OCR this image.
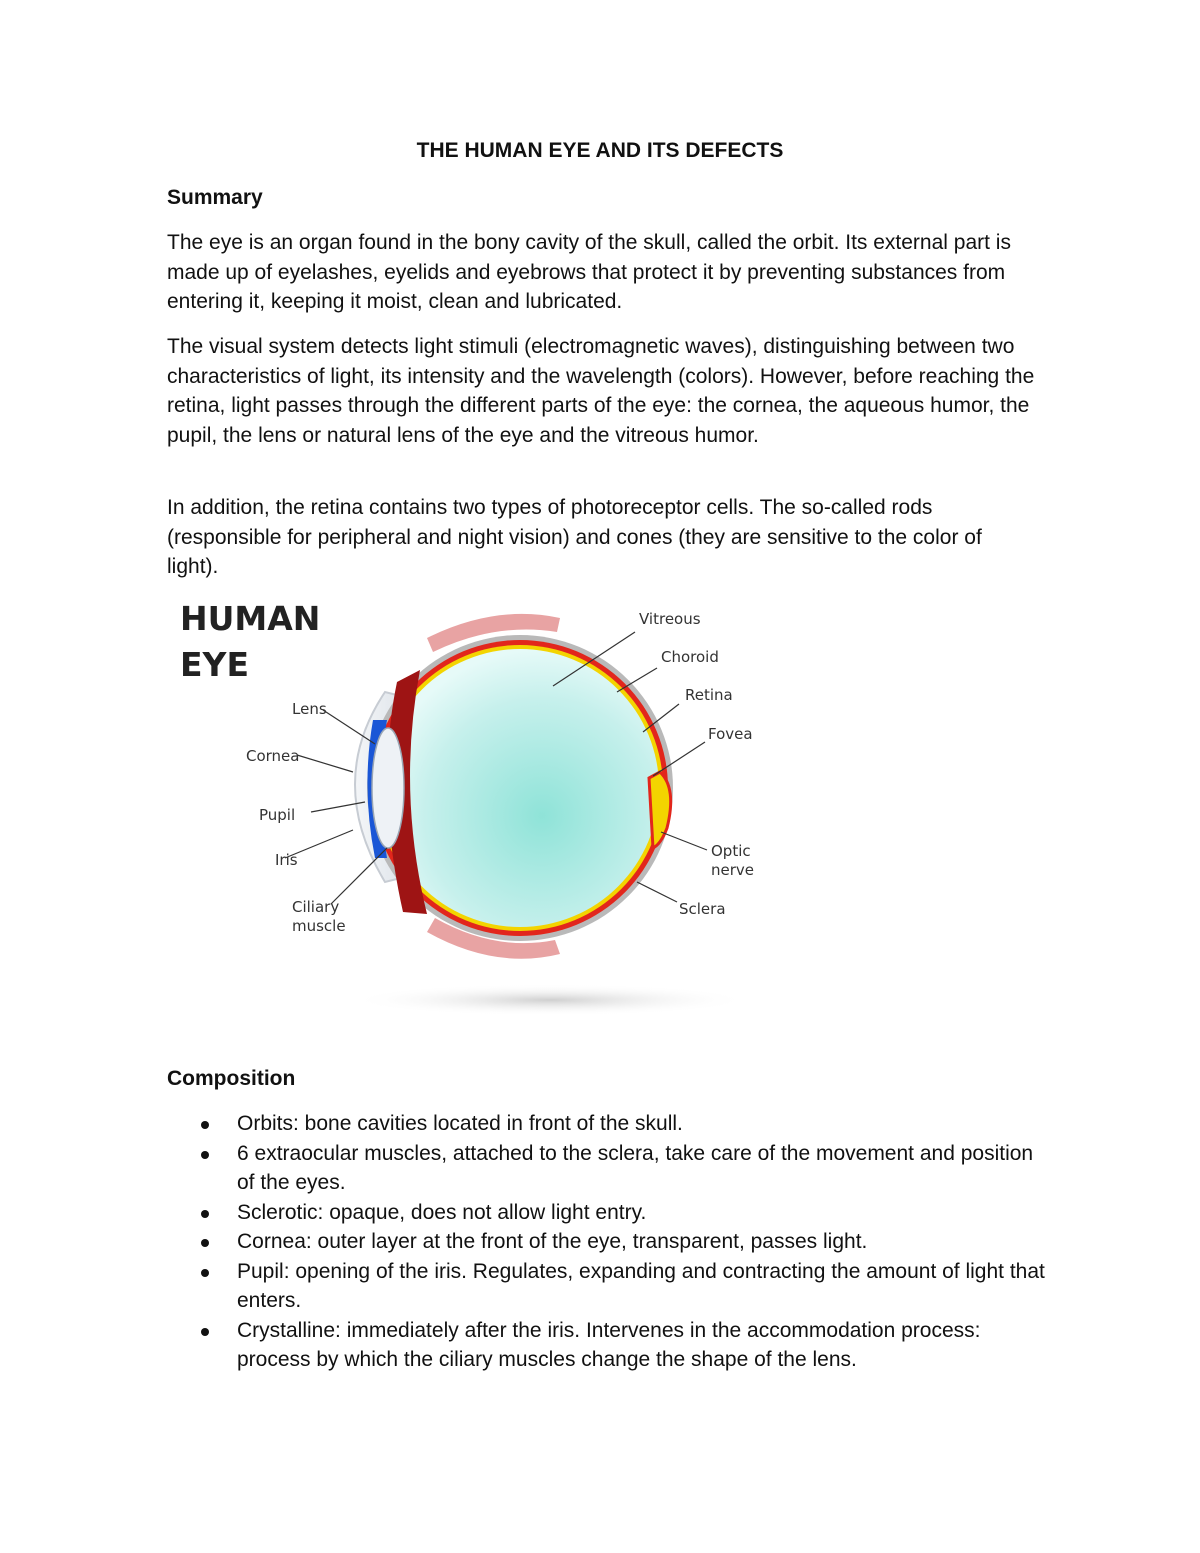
THE HUMAN EYE AND ITS DEFECTS
Summary

The eye is an organ found in the bony cavity of the skull, called the orbit. Its external part is made up of eyelashes, eyelids and eyebrows that protect it by preventing substances from entering it, keeping it moist, clean and lubricated.

The visual system detects light stimuli (electromagnetic waves), distinguishing between two characteristics of light, its intensity and the wavelength (colors). However, before reaching the retina, light passes through the different parts of the eye: the cornea, the aqueous humor, the pupil, the lens or natural lens of the eye and the vitreous humor.

In addition, the retina contains two types of photoreceptor cells. The so-called rods (responsible for peripheral and night vision) and cones (they are sensitive to the color of light).

HUMAN
EYE
Vitreous
Choroid
Retina
Fovea
Optic
nerve
Sclera
Lens
Cornea
Pupil
Iris
Ciliary
muscle
Composition
Orbits: bone cavities located in front of the skull.
6 extraocular muscles, attached to the sclera, take care of the movement and position of the eyes.
Sclerotic: opaque, does not allow light entry.
Cornea: outer layer at the front of the eye, transparent, passes light.
Pupil: opening of the iris. Regulates, expanding and contracting the amount of light that enters.
Crystalline: immediately after the iris. Intervenes in the accommodation process: process by which the ciliary muscles change the shape of the lens.
